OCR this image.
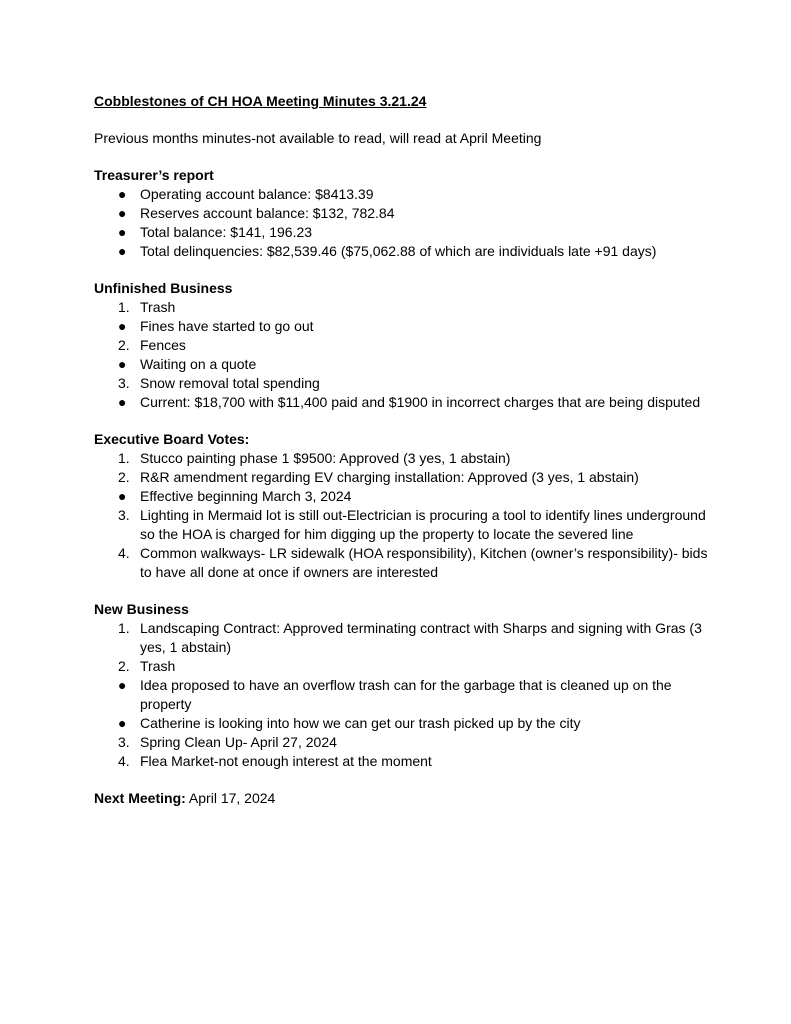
Cobblestones of CH HOA Meeting Minutes 3.21.24

Previous months minutes-not available to read, will read at April Meeting

Treasurer’s report

● Operating account balance: $8413.39
● Reserves account balance: $132, 782.84
● Total balance: $141, 196.23
● Total delinquencies: $82,539.46 ($75,062.88 of which are individuals late +91 days)

Unfinished Business

1. Trash
● Fines have started to go out
2. Fences
● Waiting on a quote
3. Snow removal total spending
● Current: $18,700 with $11,400 paid and $1900 in incorrect charges that are being disputed

Executive Board Votes:

1. Stucco painting phase 1 $9500: Approved (3 yes, 1 abstain)
2. R&R amendment regarding EV charging installation: Approved (3 yes, 1 abstain)
● Effective beginning March 3, 2024
3. Lighting in Mermaid lot is still out-Electrician is procuring a tool to identify lines underground so the HOA is charged for him digging up the property to locate the severed line
4. Common walkways- LR sidewalk (HOA responsibility), Kitchen (owner’s responsibility)- bids to have all done at once if owners are interested

New Business

1. Landscaping Contract: Approved terminating contract with Sharps and signing with Gras (3 yes, 1 abstain)
2. Trash
● Idea proposed to have an overflow trash can for the garbage that is cleaned up on the property
● Catherine is looking into how we can get our trash picked up by the city
3. Spring Clean Up- April 27, 2024
4. Flea Market-not enough interest at the moment

Next Meeting: April 17, 2024
